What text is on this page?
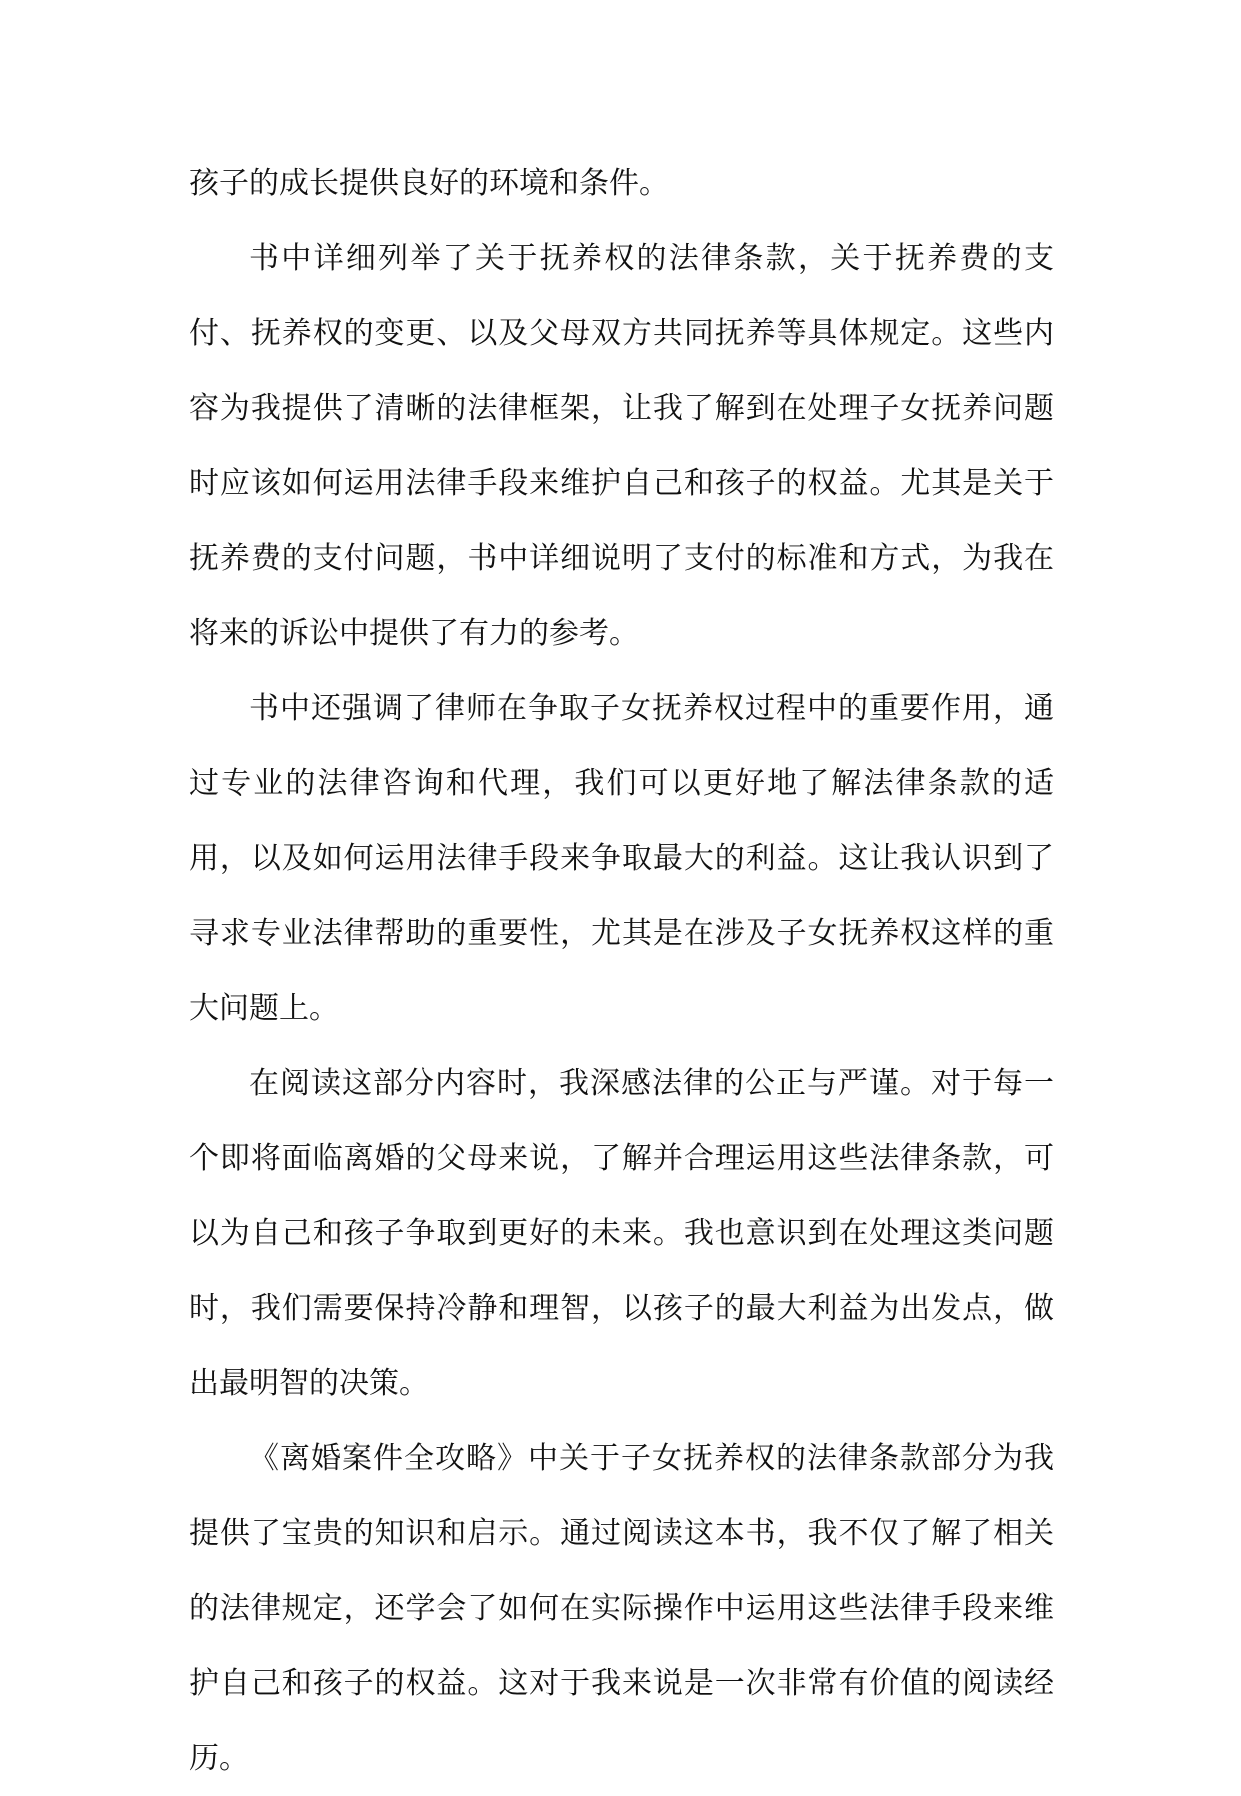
孩子的成长提供良好的环境和条件。

书中详细列举了关于抚养权的法律条款，关于抚养费的支付、抚养权的变更、以及父母双方共同抚养等具体规定。这些内容为我提供了清晰的法律框架，让我了解到在处理子女抚养问题时应该如何运用法律手段来维护自己和孩子的权益。尤其是关于抚养费的支付问题，书中详细说明了支付的标准和方式，为我在将来的诉讼中提供了有力的参考。

书中还强调了律师在争取子女抚养权过程中的重要作用，通过专业的法律咨询和代理，我们可以更好地了解法律条款的适用，以及如何运用法律手段来争取最大的利益。这让我认识到了寻求专业法律帮助的重要性，尤其是在涉及子女抚养权这样的重大问题上。

在阅读这部分内容时，我深感法律的公正与严谨。对于每一个即将面临离婚的父母来说，了解并合理运用这些法律条款，可以为自己和孩子争取到更好的未来。我也意识到在处理这类问题时，我们需要保持冷静和理智，以孩子的最大利益为出发点，做出最明智的决策。

《离婚案件全攻略》中关于子女抚养权的法律条款部分为我提供了宝贵的知识和启示。通过阅读这本书，我不仅了解了相关的法律规定，还学会了如何在实际操作中运用这些法律手段来维护自己和孩子的权益。这对于我来说是一次非常有价值的阅读经历。
